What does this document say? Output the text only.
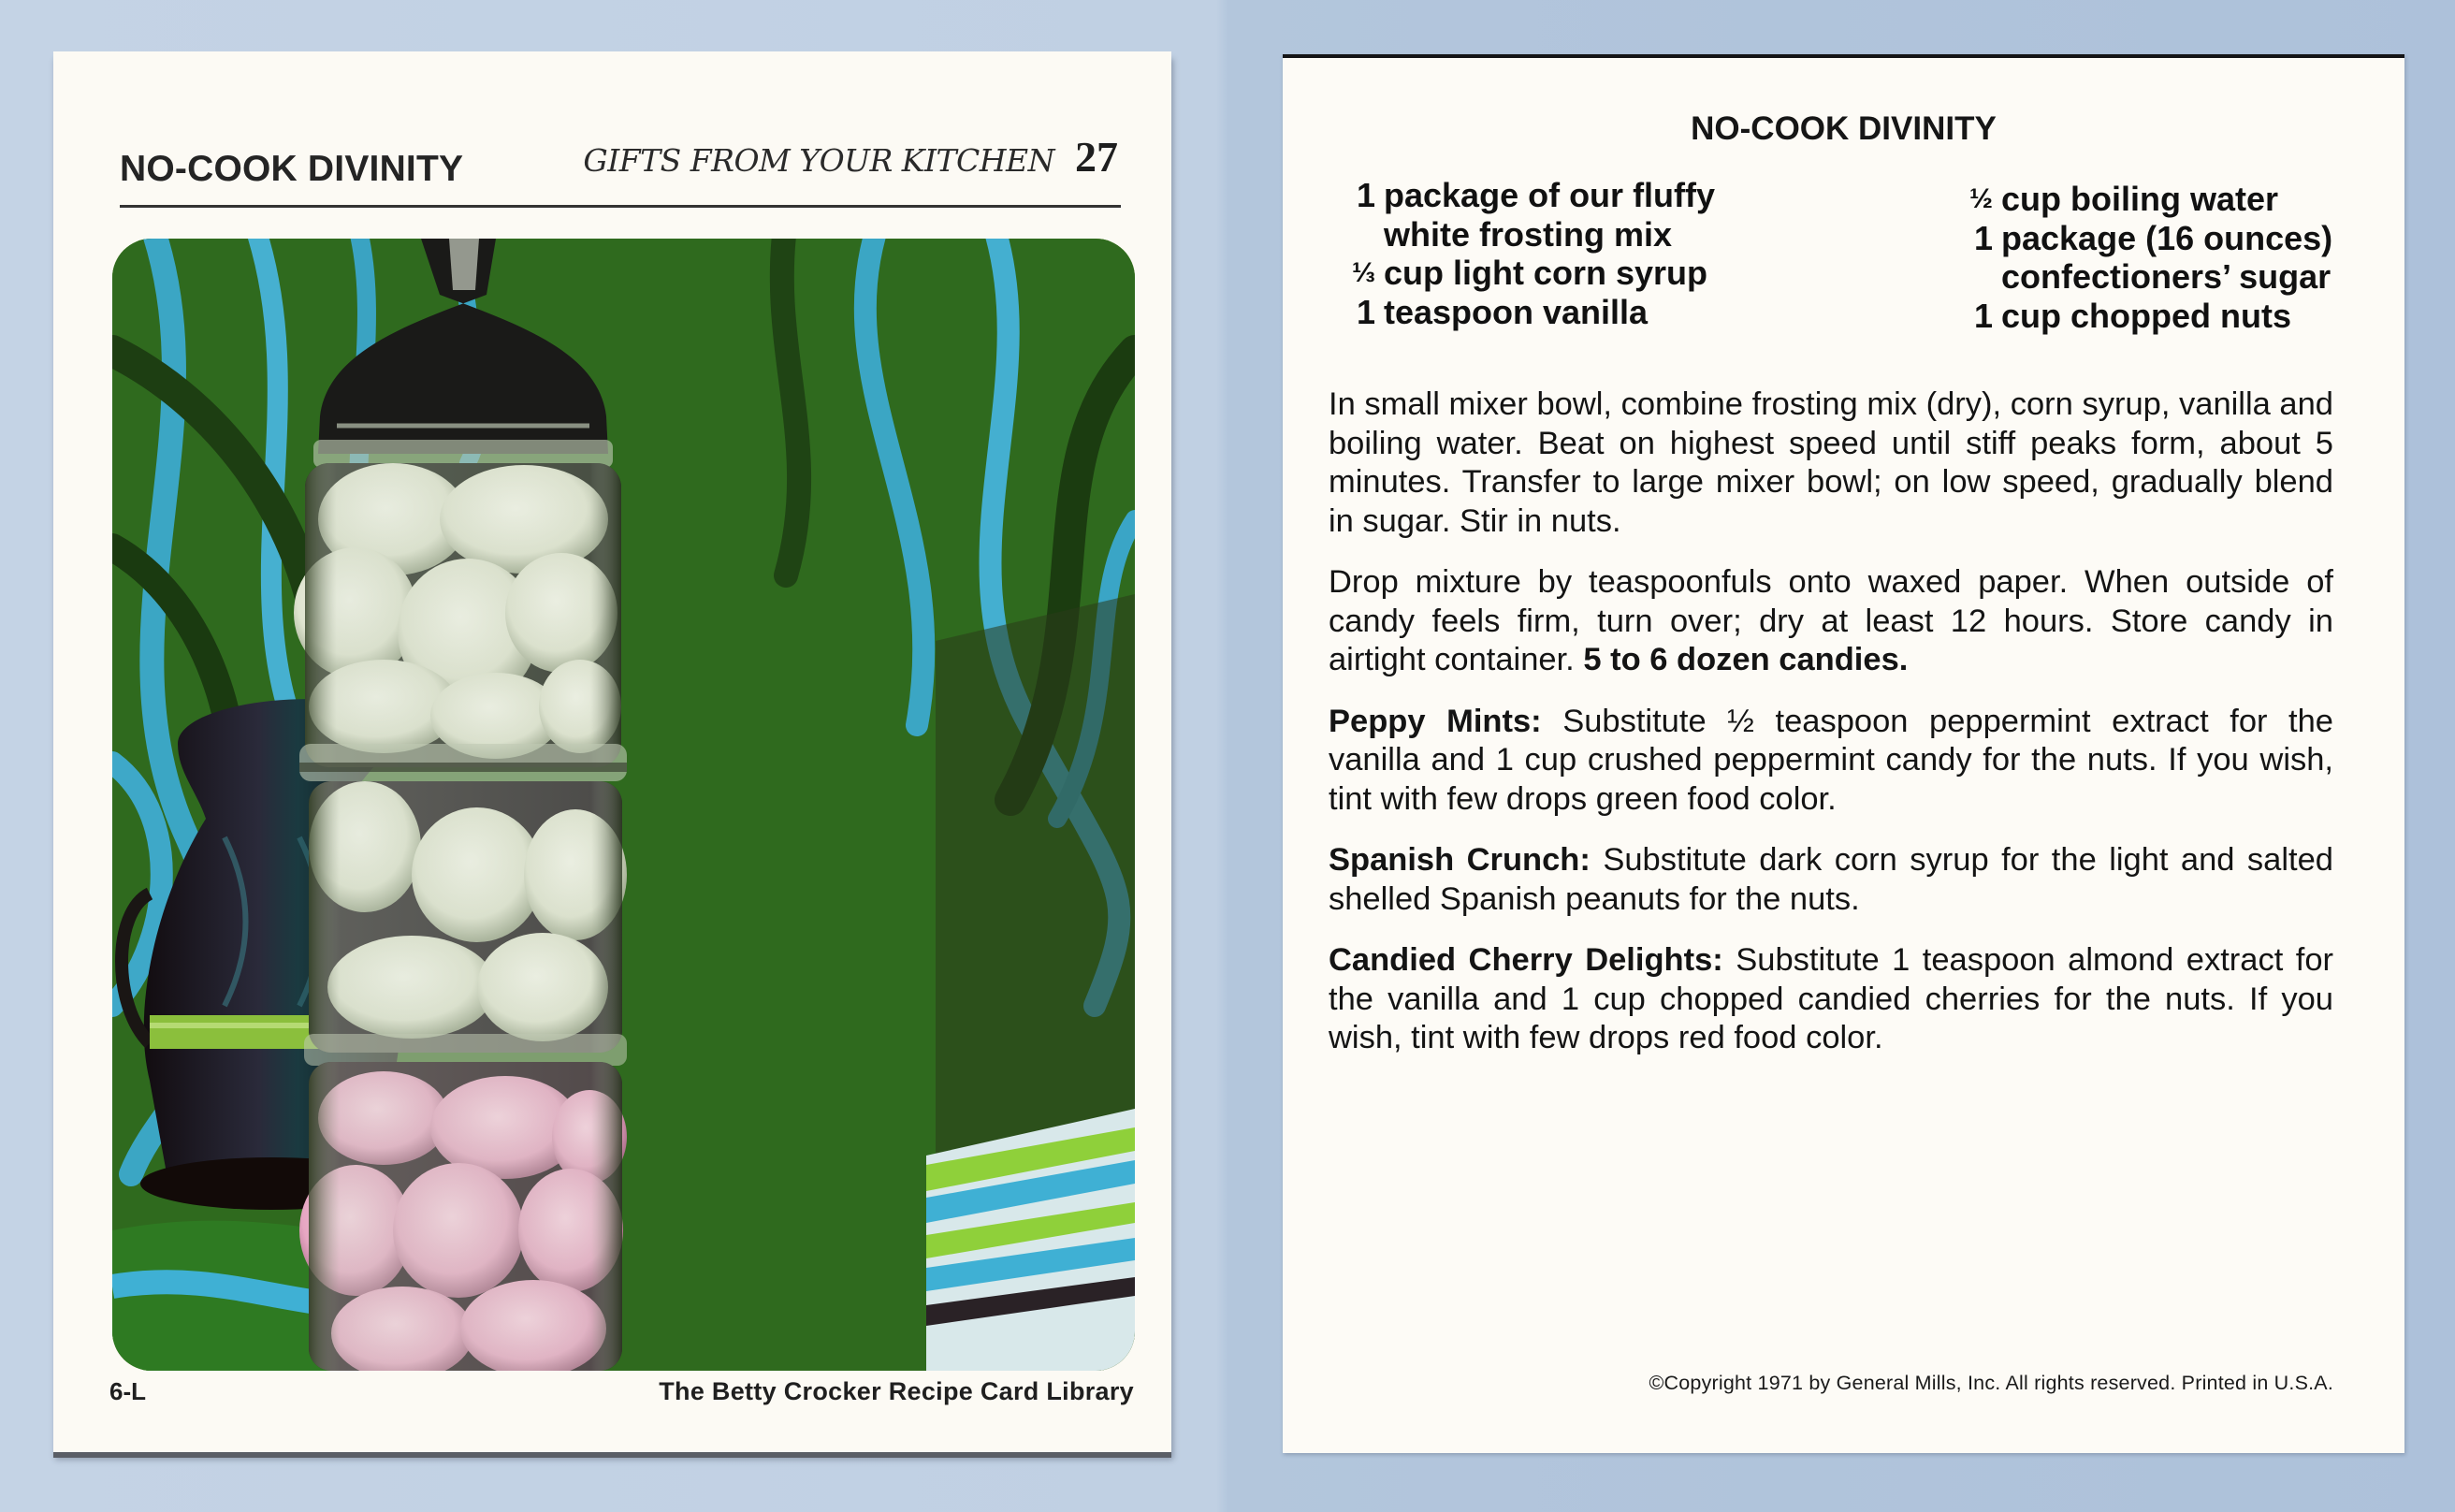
GIFTS FROM YOUR KITCHEN 27
NO-COOK DIVINITY
6-L	The Betty Crocker Recipe Card Library
NO-COOK DIVINITY
1 package of our fluffy
white frosting mix
⅓ cup light corn syrup
1 teaspoon vanilla
½ cup boiling water
1 package (16 ounces)
confectioners’ sugar
1 cup chopped nuts

In small mixer bowl, combine frosting mix (dry), corn syrup, vanilla and boiling water. Beat on highest speed until stiff peaks form, about 5 minutes. Transfer to large mixer bowl; on low speed, gradually blend in sugar. Stir in nuts.

Drop mixture by teaspoonfuls onto waxed paper. When outside of candy feels firm, turn over; dry at least 12 hours. Store candy in airtight container. 5 to 6 dozen candies.

Peppy Mints: Substitute ½ teaspoon peppermint extract for the vanilla and 1 cup crushed peppermint candy for the nuts. If you wish, tint with few drops green food color.

Spanish Crunch: Substitute dark corn syrup for the light and salted shelled Spanish peanuts for the nuts.

Candied Cherry Delights: Substitute 1 teaspoon almond extract for the vanilla and 1 cup chopped candied cherries for the nuts. If you wish, tint with few drops red food color.

©Copyright 1971 by General Mills, Inc. All rights reserved. Printed in U.S.A.
